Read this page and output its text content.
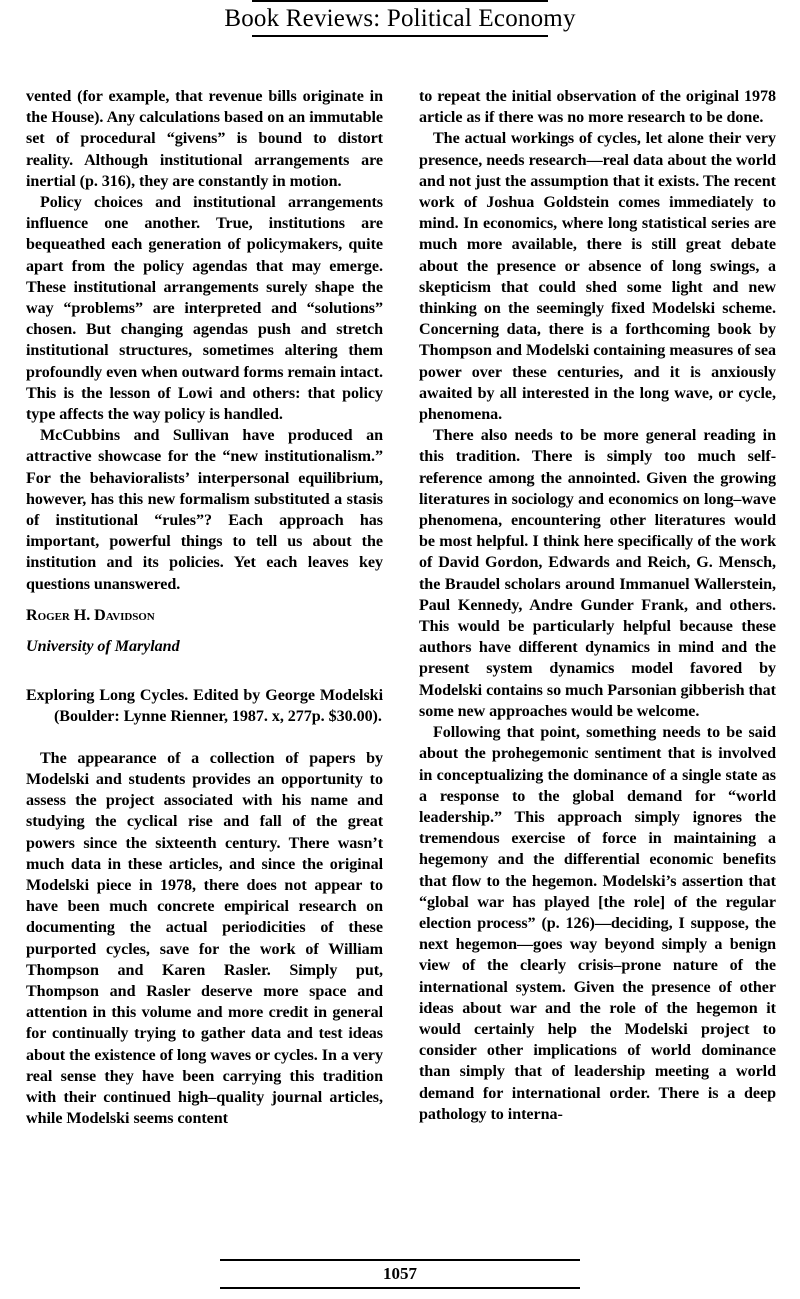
Book Reviews: Political Economy

vented (for example, that revenue bills originate in the House). Any calculations based on an immutable set of procedural “givens” is bound to distort reality. Although institutional arrangements are inertial (p. 316), they are constantly in motion.

Policy choices and institutional arrangements influence one another. True, institutions are bequeathed each generation of policymakers, quite apart from the policy agendas that may emerge. These institutional arrangements surely shape the way “problems” are interpreted and “solutions” chosen. But changing agendas push and stretch institutional structures, sometimes altering them profoundly even when outward forms remain intact. This is the lesson of Lowi and others: that policy type affects the way policy is handled.

McCubbins and Sullivan have produced an attractive showcase for the “new institutionalism.” For the behavioralists’ interpersonal equilibrium, however, has this new formalism substituted a stasis of institutional “rules”? Each approach has important, powerful things to tell us about the institution and its policies. Yet each leaves key questions unanswered.

Roger H. Davidson

University of Maryland

Exploring Long Cycles. Edited by George Modelski (Boulder: Lynne Rienner, 1987. x, 277p. $30.00).

The appearance of a collection of papers by Modelski and students provides an opportunity to assess the project associated with his name and studying the cyclical rise and fall of the great powers since the sixteenth century. There wasn’t much data in these articles, and since the original Modelski piece in 1978, there does not appear to have been much concrete empirical research on documenting the actual periodicities of these purported cycles, save for the work of William Thompson and Karen Rasler. Simply put, Thompson and Rasler deserve more space and attention in this volume and more credit in general for continually trying to gather data and test ideas about the existence of long waves or cycles. In a very real sense they have been carrying this tradition with their continued high–quality journal articles, while Modelski seems content

to repeat the initial observation of the original 1978 article as if there was no more research to be done.

The actual workings of cycles, let alone their very presence, needs research—real data about the world and not just the assumption that it exists. The recent work of Joshua Goldstein comes immediately to mind. In economics, where long statistical series are much more available, there is still great debate about the presence or absence of long swings, a skepticism that could shed some light and new thinking on the seemingly fixed Modelski scheme. Concerning data, there is a forthcoming book by Thompson and Modelski containing measures of sea power over these centuries, and it is anxiously awaited by all interested in the long wave, or cycle, phenomena.

There also needs to be more general reading in this tradition. There is simply too much self-reference among the annointed. Given the growing literatures in sociology and economics on long–wave phenomena, encountering other literatures would be most helpful. I think here specifically of the work of David Gordon, Edwards and Reich, G. Mensch, the Braudel scholars around Immanuel Wallerstein, Paul Kennedy, Andre Gunder Frank, and others. This would be particularly helpful because these authors have different dynamics in mind and the present system dynamics model favored by Modelski contains so much Parsonian gibberish that some new approaches would be welcome.

Following that point, something needs to be said about the prohegemonic sentiment that is involved in conceptualizing the dominance of a single state as a response to the global demand for “world leadership.” This approach simply ignores the tremendous exercise of force in maintaining a hegemony and the differential economic benefits that flow to the hegemon. Modelski’s assertion that “global war has played [the role] of the regular election process” (p. 126)—deciding, I suppose, the next hegemon—goes way beyond simply a benign view of the clearly crisis–prone nature of the international system. Given the presence of other ideas about war and the role of the hegemon it would certainly help the Modelski project to consider other implications of world dominance than simply that of leadership meeting a world demand for international order. There is a deep pathology to interna-

1057
